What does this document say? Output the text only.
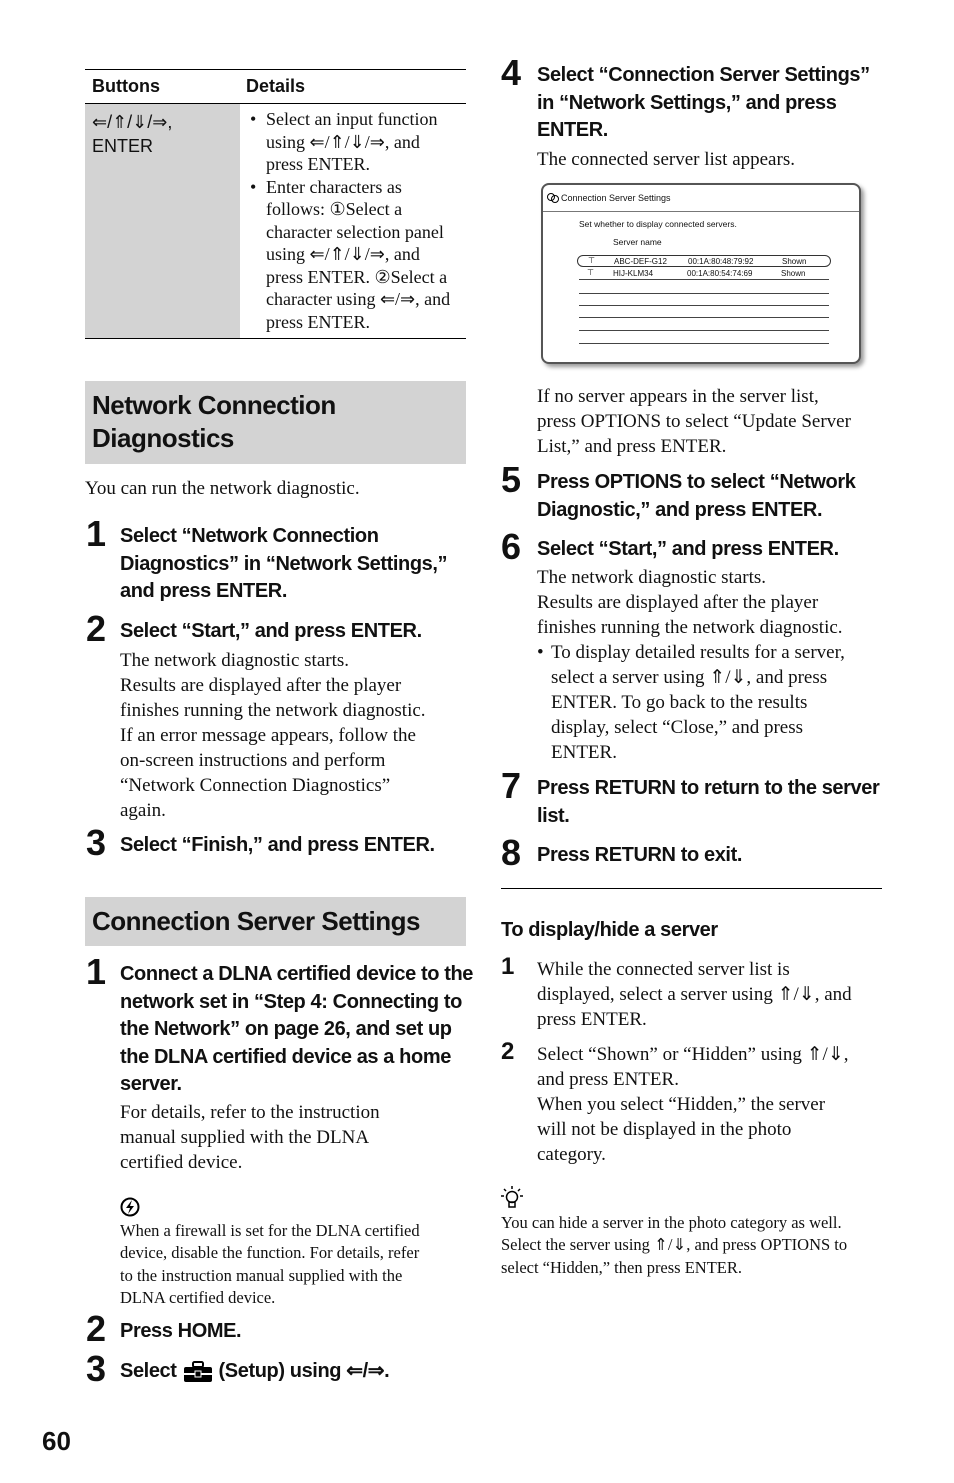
Buttons	Details
⇐/⇑/⇓/⇒,
ENTER
• Select an input function using ⇐/⇑/⇓/⇒, and press ENTER.
• Enter characters as follows: ①Select a character selection panel using ⇐/⇑/⇓/⇒, and press ENTER. ②Select a character using ⇐/⇒, and press ENTER.
Network Connection
Diagnostics
You can run the network diagnostic.
1 Select “Network Connection
Diagnostics” in “Network Settings,”
and press ENTER.
2 Select “Start,” and press ENTER.
The network diagnostic starts.
Results are displayed after the player
finishes running the network diagnostic.
If an error message appears, follow the
on-screen instructions and perform
“Network Connection Diagnostics”
again.
3 Select “Finish,” and press ENTER.
Connection Server Settings
1 Connect a DLNA certified device to the
network set in “Step 4: Connecting to
the Network” on page 26, and set up
the DLNA certified device as a home
server.
For details, refer to the instruction
manual supplied with the DLNA
certified device.
When a firewall is set for the DLNA certified
device, disable the function. For details, refer
to the instruction manual supplied with the
DLNA certified device.
2 Press HOME.
3 Select (Setup) using ⇐/⇒.
4 Select “Connection Server Settings”
in “Network Settings,” and press
ENTER.
The connected server list appears.
Connection Server Settings
Set whether to display connected servers.
Server name
⊤ ABC-DEF-G12	00:1A:80:48:79:92	Shown
⊤ HIJ-KLM34	00:1A:80:54:74:69	Shown
If no server appears in the server list,
press OPTIONS to select “Update Server
List,” and press ENTER.
5 Press OPTIONS to select “Network
Diagnostic,” and press ENTER.
6 Select “Start,” and press ENTER.
The network diagnostic starts.
Results are displayed after the player
finishes running the network diagnostic.
• To display detailed results for a server,
select a server using ⇑/⇓, and press
ENTER. To go back to the results
display, select “Close,” and press
ENTER.
7 Press RETURN to return to the server
list.
8 Press RETURN to exit.
To display/hide a server
1 While the connected server list is
displayed, select a server using ⇑/⇓, and
press ENTER.
2 Select “Shown” or “Hidden” using ⇑/⇓,
and press ENTER.
When you select “Hidden,” the server
will not be displayed in the photo
category.
You can hide a server in the photo category as well.
Select the server using ⇑/⇓, and press OPTIONS to
select “Hidden,” then press ENTER.
60
